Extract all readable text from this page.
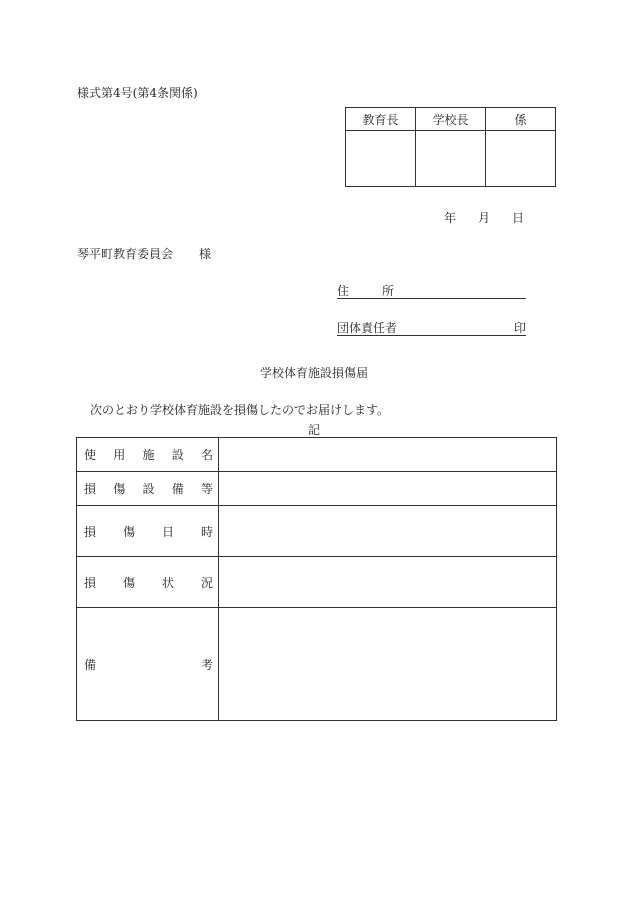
様式第4号(第4条関係)
教育長	学校長	係

年 月 日
琴平町教育委員会 様
住	所
団体責任者	印
学校体育施設損傷届
次のとおり学校体育施設を損傷したのでお届けします。
記
使 用 施 設 名	

損 傷 設 備 等	

損 傷 日 時	

損 傷 状 況	

備 考	
